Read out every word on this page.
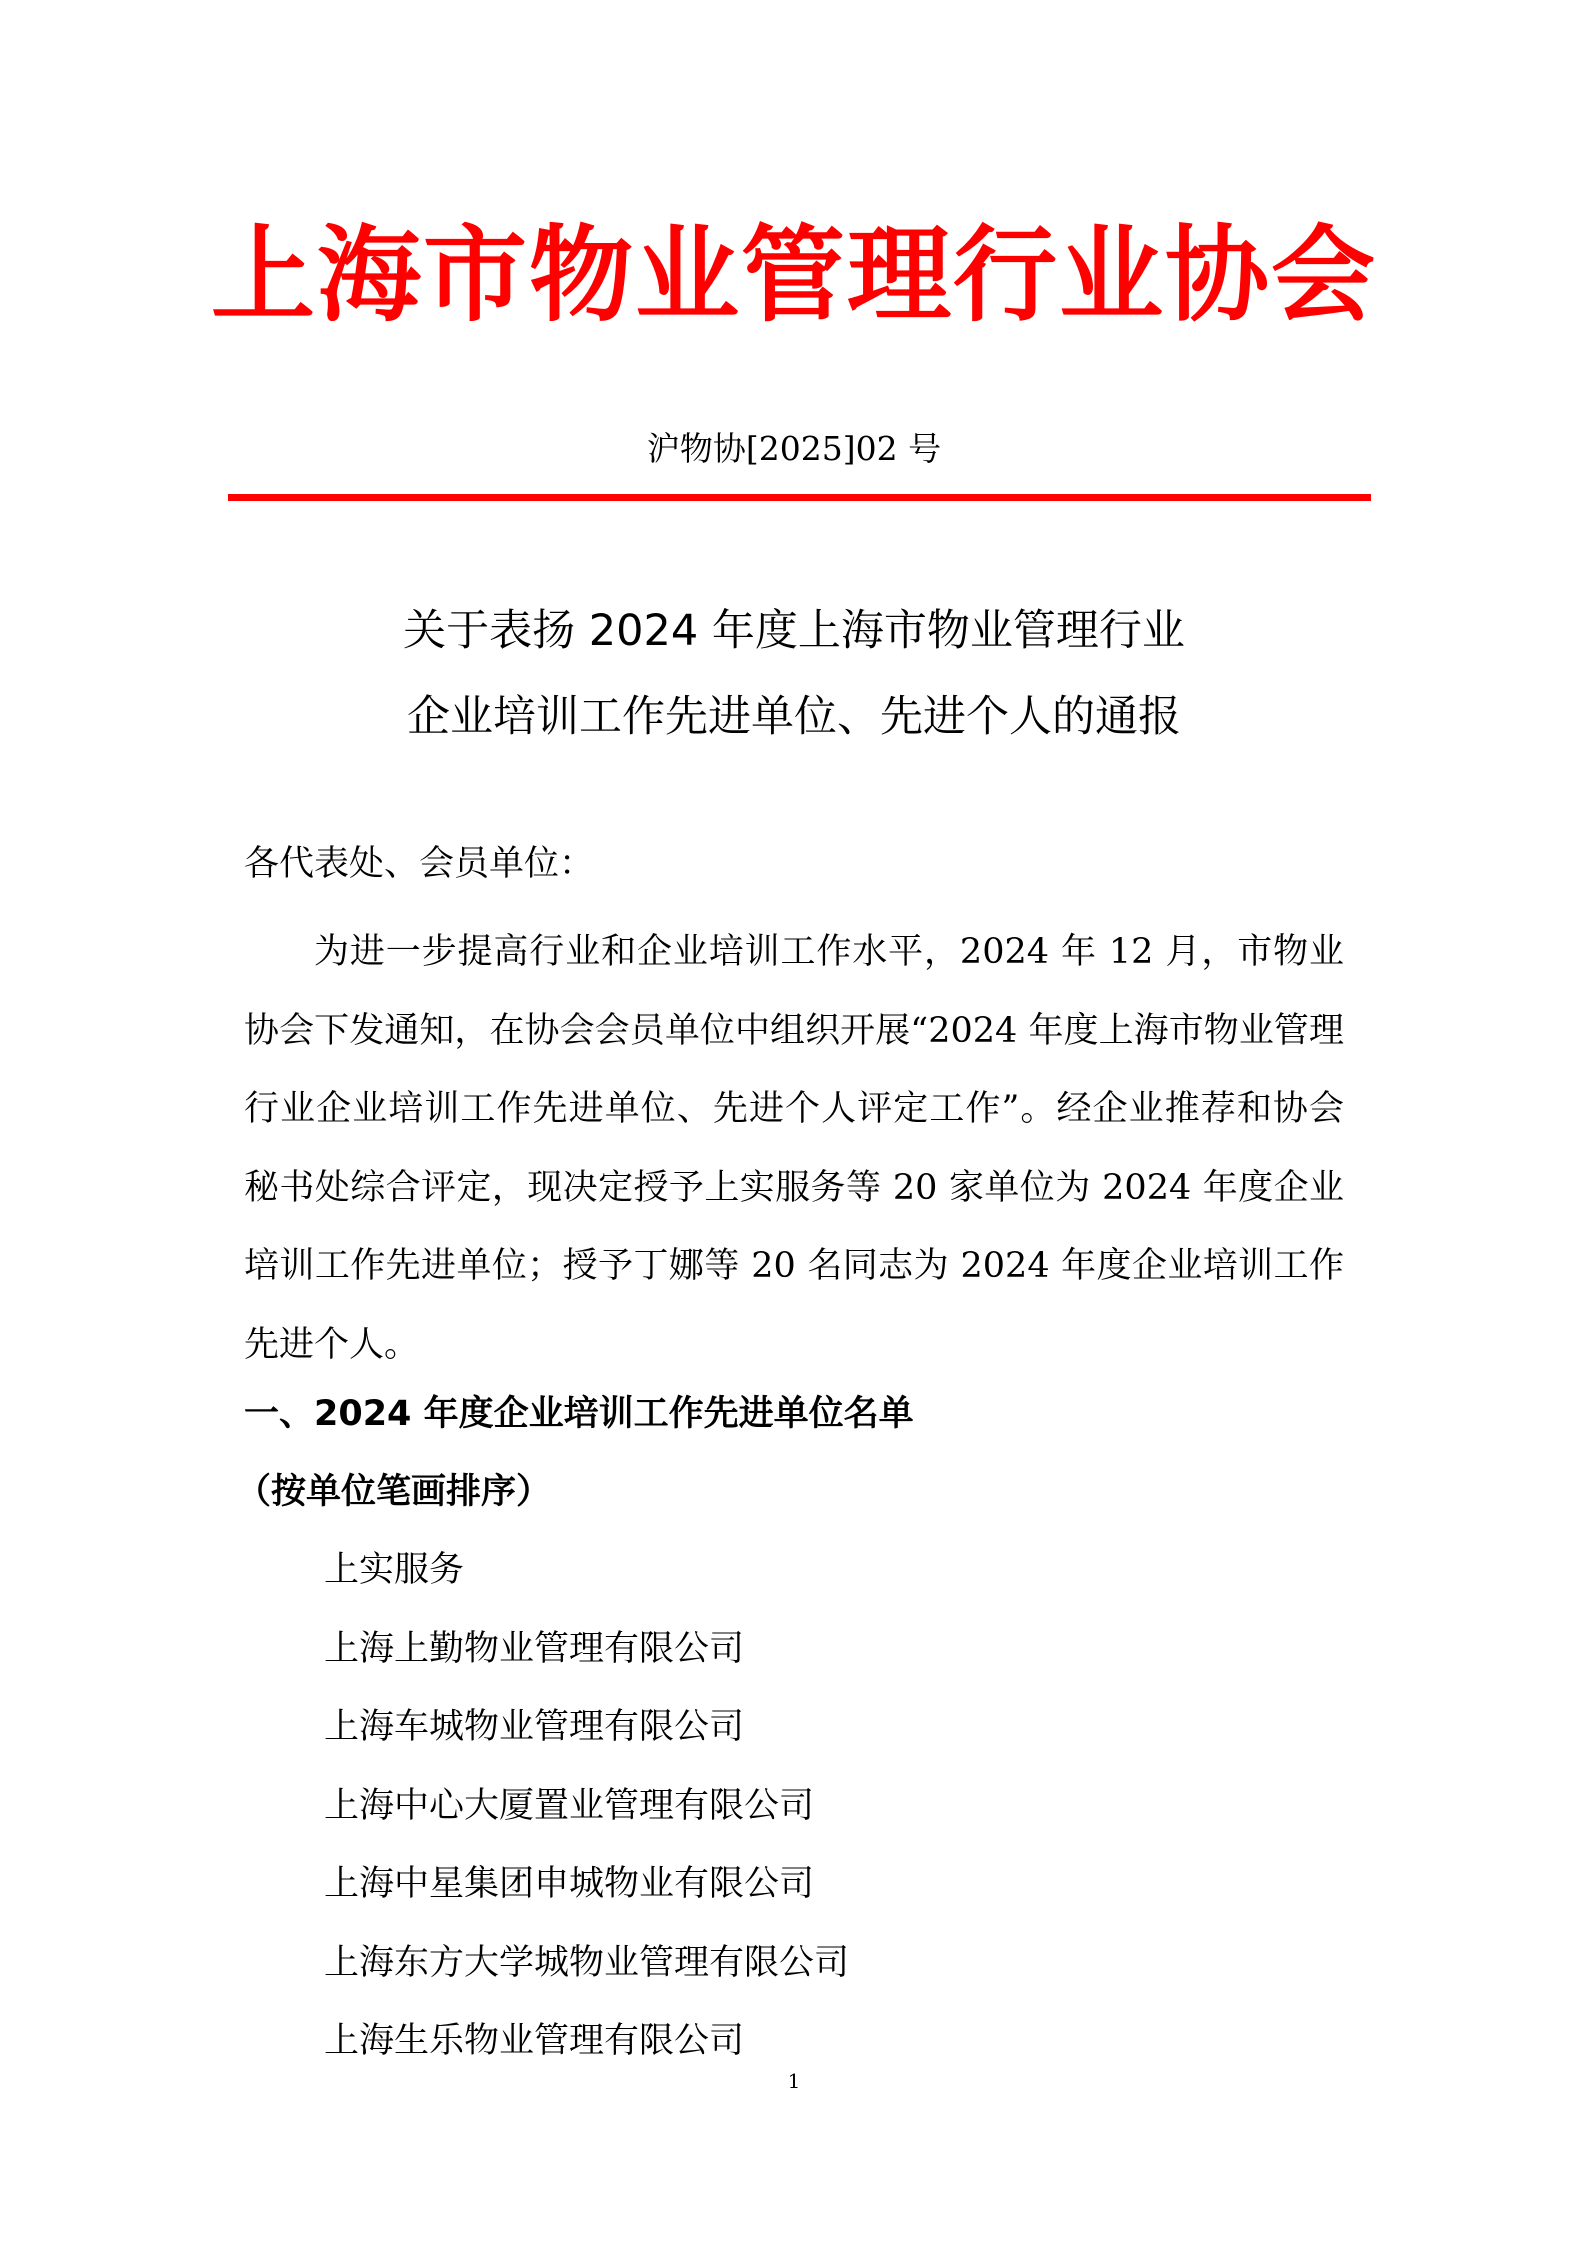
上海市物业管理行业协会
沪物协[2025]02 号
关于表扬 2024 年度上海市物业管理行业
企业培训工作先进单位、先进个人的通报
各代表处、会员单位：
为进一步提高行业和企业培训工作水平，2024 年 12 月，市物业协会下发通知，在协会会员单位中组织开展“2024 年度上海市物业管理行业企业培训工作先进单位、先进个人评定工作”。经企业推荐和协会秘书处综合评定，现决定授予上实服务等 20 家单位为 2024 年度企业培训工作先进单位；授予丁娜等 20 名同志为 2024 年度企业培训工作先进个人。
一、2024 年度企业培训工作先进单位名单
（按单位笔画排序）
上实服务
上海上勤物业管理有限公司
上海车城物业管理有限公司
上海中心大厦置业管理有限公司
上海中星集团申城物业有限公司
上海东方大学城物业管理有限公司
上海生乐物业管理有限公司
1
